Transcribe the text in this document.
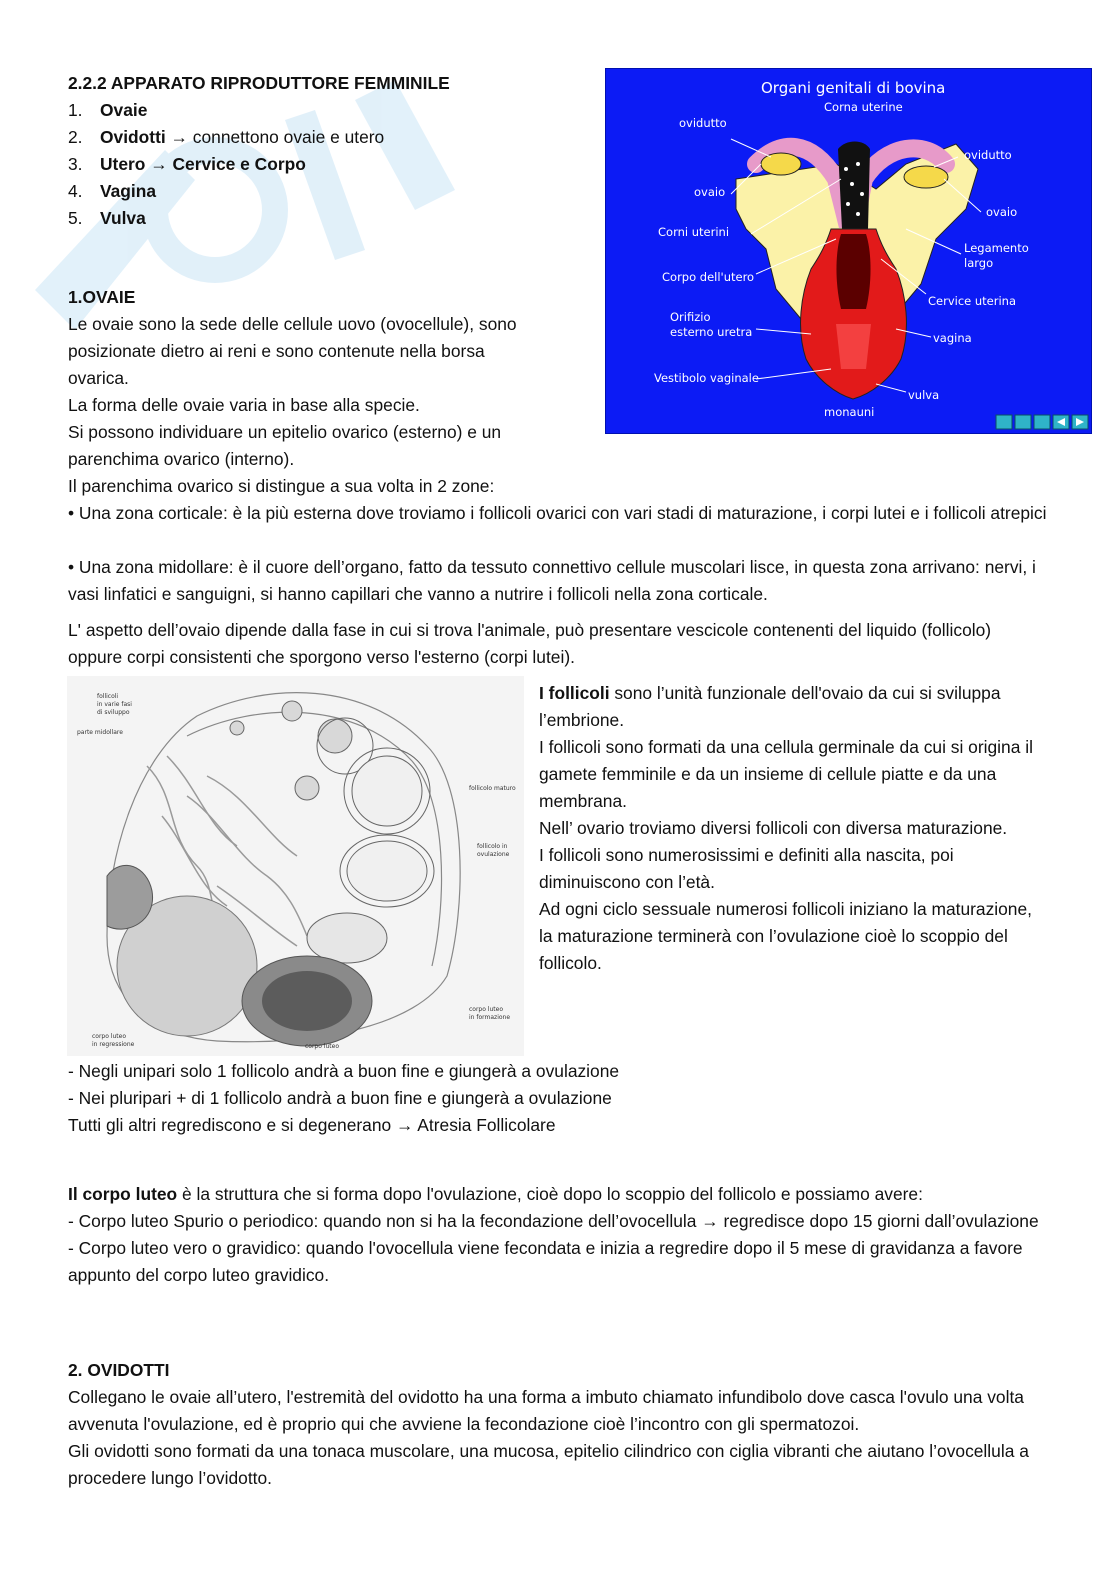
2.2.2 APPARATO RIPRODUTTORE FEMMINILE
1. Ovaie
2. Ovidotti → connettono ovaie e utero
3. Utero → Cervice e Corpo
4. Vagina
5. Vulva
Organi genitali di bovina
Corna uterine
ovidutto
ovidutto
ovaio
ovaio
Corni uterini
Legamento
largo
Corpo dell'utero
Cervice uterina
Orifizio
esterno uretra	vagina
Vestibolo vaginale
vulva
monauni
1.OVAIE
Le ovaie sono la sede delle cellule uovo (ovocellule), sono
posizionate dietro ai reni e sono contenute nella borsa
ovarica.
La forma delle ovaie varia in base alla specie.
Si possono individuare un epitelio ovarico (esterno) e un
parenchima ovarico (interno).
Il parenchima ovarico si distingue a sua volta in 2 zone:
• Una zona corticale: è la più esterna dove troviamo i follicoli ovarici con vari stadi di maturazione, i corpi lutei e i follicoli atrepici
• Una zona midollare: è il cuore dell’organo, fatto da tessuto connettivo cellule muscolari lisce, in questa zona arrivano: nervi, i vasi linfatici e sanguigni, si hanno capillari che vanno a nutrire i follicoli nella zona corticale.
L' aspetto dell’ovaio dipende dalla fase in cui si trova l'animale, può presentare vescicole contenenti del liquido (follicolo) oppure corpi consistenti che sporgono verso l'esterno (corpi lutei).
follicoli
in varie fasi
di sviluppo
parte midollare
follicolo maturo
follicolo in
ovulazione
corpo luteo
in formazione
corpo luteo
in regressione	corpo luteo
I follicoli sono l’unità funzionale dell'ovaio da cui si sviluppa l’embrione.
I follicoli sono formati da una cellula germinale da cui si origina il gamete femminile e da un insieme di cellule piatte e da una membrana.
Nell’ ovario troviamo diversi follicoli con diversa maturazione.
I follicoli sono numerosissimi e definiti alla nascita, poi diminuiscono con l’età.
Ad ogni ciclo sessuale numerosi follicoli iniziano la maturazione, la maturazione terminerà con l’ovulazione cioè lo scoppio del follicolo.
- Negli unipari solo 1 follicolo andrà a buon fine e giungerà a ovulazione
- Nei pluripari + di 1 follicolo andrà a buon fine e giungerà a ovulazione
Tutti gli altri regrediscono e si degenerano → Atresia Follicolare
Il corpo luteo è la struttura che si forma dopo l'ovulazione, cioè dopo lo scoppio del follicolo e possiamo avere:
- Corpo luteo Spurio o periodico: quando non si ha la fecondazione dell’ovocellula → regredisce dopo 15 giorni dall’ovulazione
- Corpo luteo vero o gravidico: quando l'ovocellula viene fecondata e inizia a regredire dopo il 5 mese di gravidanza a favore appunto del corpo luteo gravidico.
2. OVIDOTTI
Collegano le ovaie all’utero, l'estremità del ovidotto ha una forma a imbuto chiamato infundibolo dove casca l'ovulo una volta avvenuta l'ovulazione, ed è proprio qui che avviene la fecondazione cioè l’incontro con gli spermatozoi.
Gli ovidotti sono formati da una tonaca muscolare, una mucosa, epitelio cilindrico con ciglia vibranti che aiutano l’ovocellula a procedere lungo l’ovidotto.
